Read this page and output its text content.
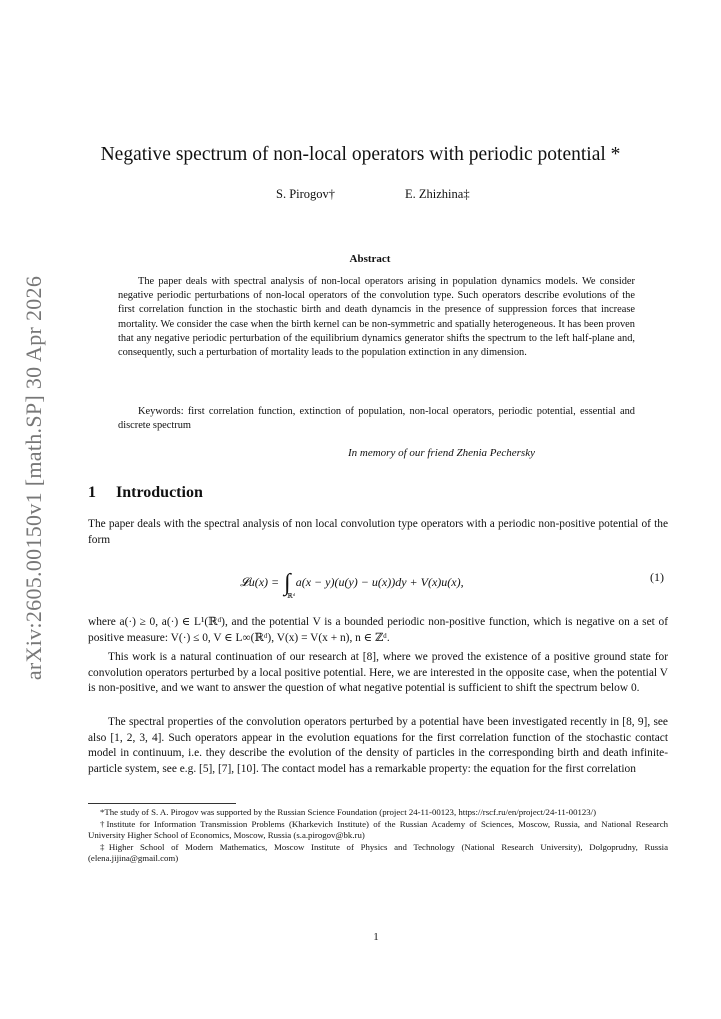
arXiv:2605.00150v1 [math.SP] 30 Apr 2026
Negative spectrum of non-local operators with periodic potential *
S. Pirogov†	E. Zhizhina‡
Abstract
The paper deals with spectral analysis of non-local operators arising in population dynamics models. We consider negative periodic perturbations of non-local operators of the convolution type. Such operators describe evolutions of the first correlation function in the stochastic birth and death dynamcis in the presence of suppression forces that increase mortality. We consider the case when the birth kernel can be non-symmetric and spatially heterogeneous. It has been proven that any negative periodic perturbation of the equilibrium dynamics generator shifts the spectrum to the left half-plane and, consequently, such a perturbation of mortality leads to the population extinction in any dimension.
Keywords: first correlation function, extinction of population, non-local operators, periodic potential, essential and discrete spectrum
In memory of our friend Zhenia Pechersky
1 Introduction
The paper deals with the spectral analysis of non local convolution type operators with a periodic non-positive potential of the form
𝓛u(x) = ∫
ℝᵈ
a(x − y)(u(y) − u(x))dy + V(x)u(x),	(1)
where a(·) ≥ 0, a(·) ∈ L¹(ℝᵈ), and the potential V is a bounded periodic non-positive function, which is negative on a set of positive measure: V(·) ≤ 0, V ∈ L∞(ℝᵈ), V(x) = V(x + n), n ∈ ℤᵈ.
This work is a natural continuation of our research at [8], where we proved the existence of a positive ground state for convolution operators perturbed by a local positive potential. Here, we are interested in the opposite case, when the potential V is non-positive, and we want to answer the question of what negative potential is sufficient to shift the spectrum below 0.
The spectral properties of the convolution operators perturbed by a potential have been investigated recently in [8, 9], see also [1, 2, 3, 4]. Such operators appear in the evolution equations for the first correlation function of the stochastic contact model in continuum, i.e. they describe the evolution of the density of particles in the corresponding birth and death infinite-particle system, see e.g. [5], [7], [10]. The contact model has a remarkable property: the equation for the first correlation

*The study of S. A. Pirogov was supported by the Russian Science Foundation (project 24-11-00123, https://rscf.ru/en/project/24-11-00123/)

†Institute for Information Transmission Problems (Kharkevich Institute) of the Russian Academy of Sciences, Moscow, Russia, and National Research University Higher School of Economics, Moscow, Russia (s.a.pirogov@bk.ru)

‡Higher School of Modern Mathematics, Moscow Institute of Physics and Technology (National Research University), Dolgoprudny, Russia (elena.jijina@gmail.com)

1
